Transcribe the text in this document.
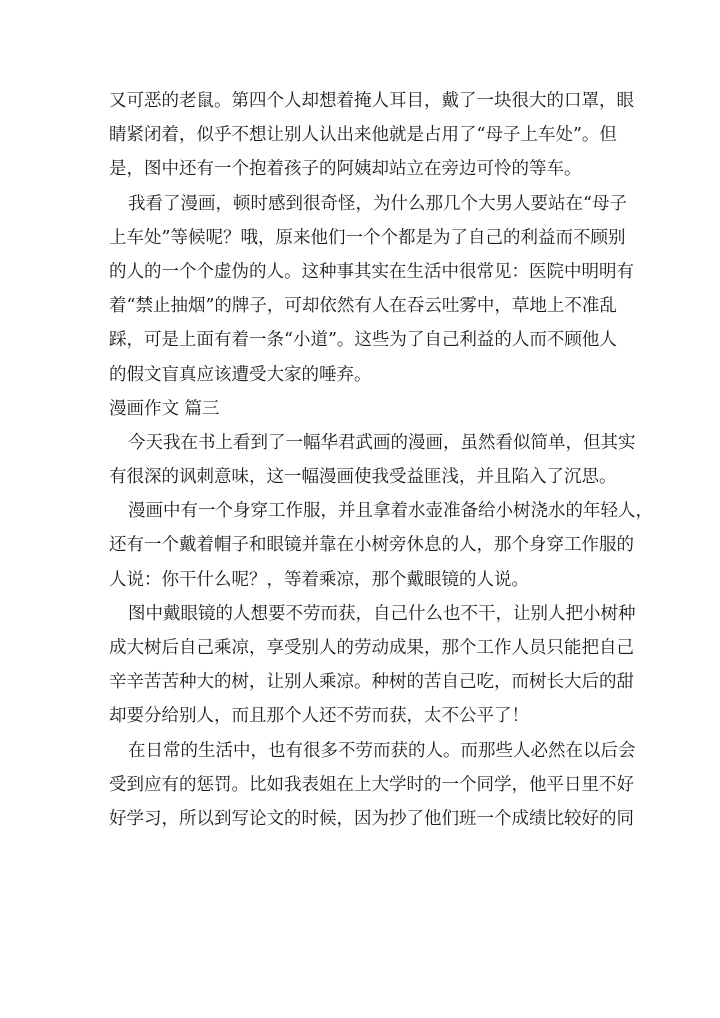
又可恶的老鼠。第四个人却想着掩人耳目，戴了一块很大的口罩，眼
睛紧闭着，似乎不想让别人认出来他就是占用了“母子上车处”。但
是，图中还有一个抱着孩子的阿姨却站立在旁边可怜的等车。
我看了漫画，顿时感到很奇怪，为什么那几个大男人要站在“母子
上车处”等候呢？哦，原来他们一个个都是为了自己的利益而不顾别
的人的一个个虚伪的人。这种事其实在生活中很常见：医院中明明有
着“禁止抽烟”的牌子，可却依然有人在吞云吐雾中，草地上不准乱
踩，可是上面有着一条“小道”。这些为了自己利益的人而不顾他人
的假文盲真应该遭受大家的唾弃。
漫画作文 篇三
今天我在书上看到了一幅华君武画的漫画，虽然看似简单，但其实
有很深的讽刺意味，这一幅漫画使我受益匪浅，并且陷入了沉思。
漫画中有一个身穿工作服，并且拿着水壶准备给小树浇水的年轻人，
还有一个戴着帽子和眼镜并靠在小树旁休息的人，那个身穿工作服的
人说：你干什么呢？，等着乘凉，那个戴眼镜的人说。
图中戴眼镜的人想要不劳而获，自己什么也不干，让别人把小树种
成大树后自己乘凉，享受别人的劳动成果，那个工作人员只能把自己
辛辛苦苦种大的树，让别人乘凉。种树的苦自己吃，而树长大后的甜
却要分给别人，而且那个人还不劳而获，太不公平了！
在日常的生活中，也有很多不劳而获的人。而那些人必然在以后会
受到应有的惩罚。比如我表姐在上大学时的一个同学，他平日里不好
好学习，所以到写论文的时候，因为抄了他们班一个成绩比较好的同
